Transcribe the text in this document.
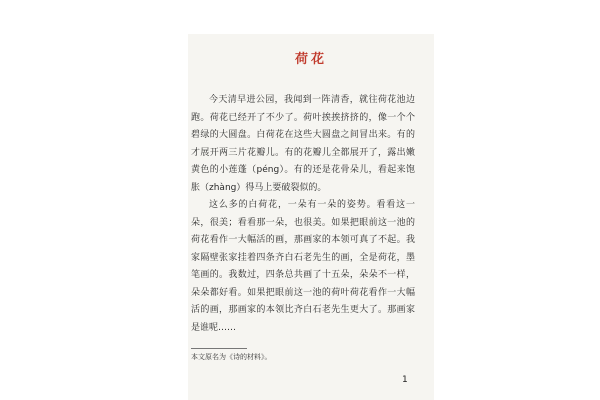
荷花

今天清早进公园，我闻到一阵清香，就往荷花池边跑。荷花已经开了不少了。荷叶挨挨挤挤的，像一个个碧绿的大圆盘。白荷花在这些大圆盘之间冒出来。有的才展开两三片花瓣儿。有的花瓣儿全都展开了，露出嫩黄色的小莲蓬（péng）。有的还是花骨朵儿，看起来饱胀（zhàng）得马上要破裂似的。

这么多的白荷花，一朵有一朵的姿势。看看这一朵，很美；看看那一朵，也很美。如果把眼前这一池的荷花看作一大幅活的画，那画家的本领可真了不起。我家隔壁张家挂着四条齐白石老先生的画，全是荷花，墨笔画的。我数过，四条总共画了十五朵，朵朵不一样，朵朵都好看。如果把眼前这一池的荷叶荷花看作一大幅活的画，那画家的本领比齐白石老先生更大了。那画家是谁呢……

本文原名为《诗的材料》。
1
